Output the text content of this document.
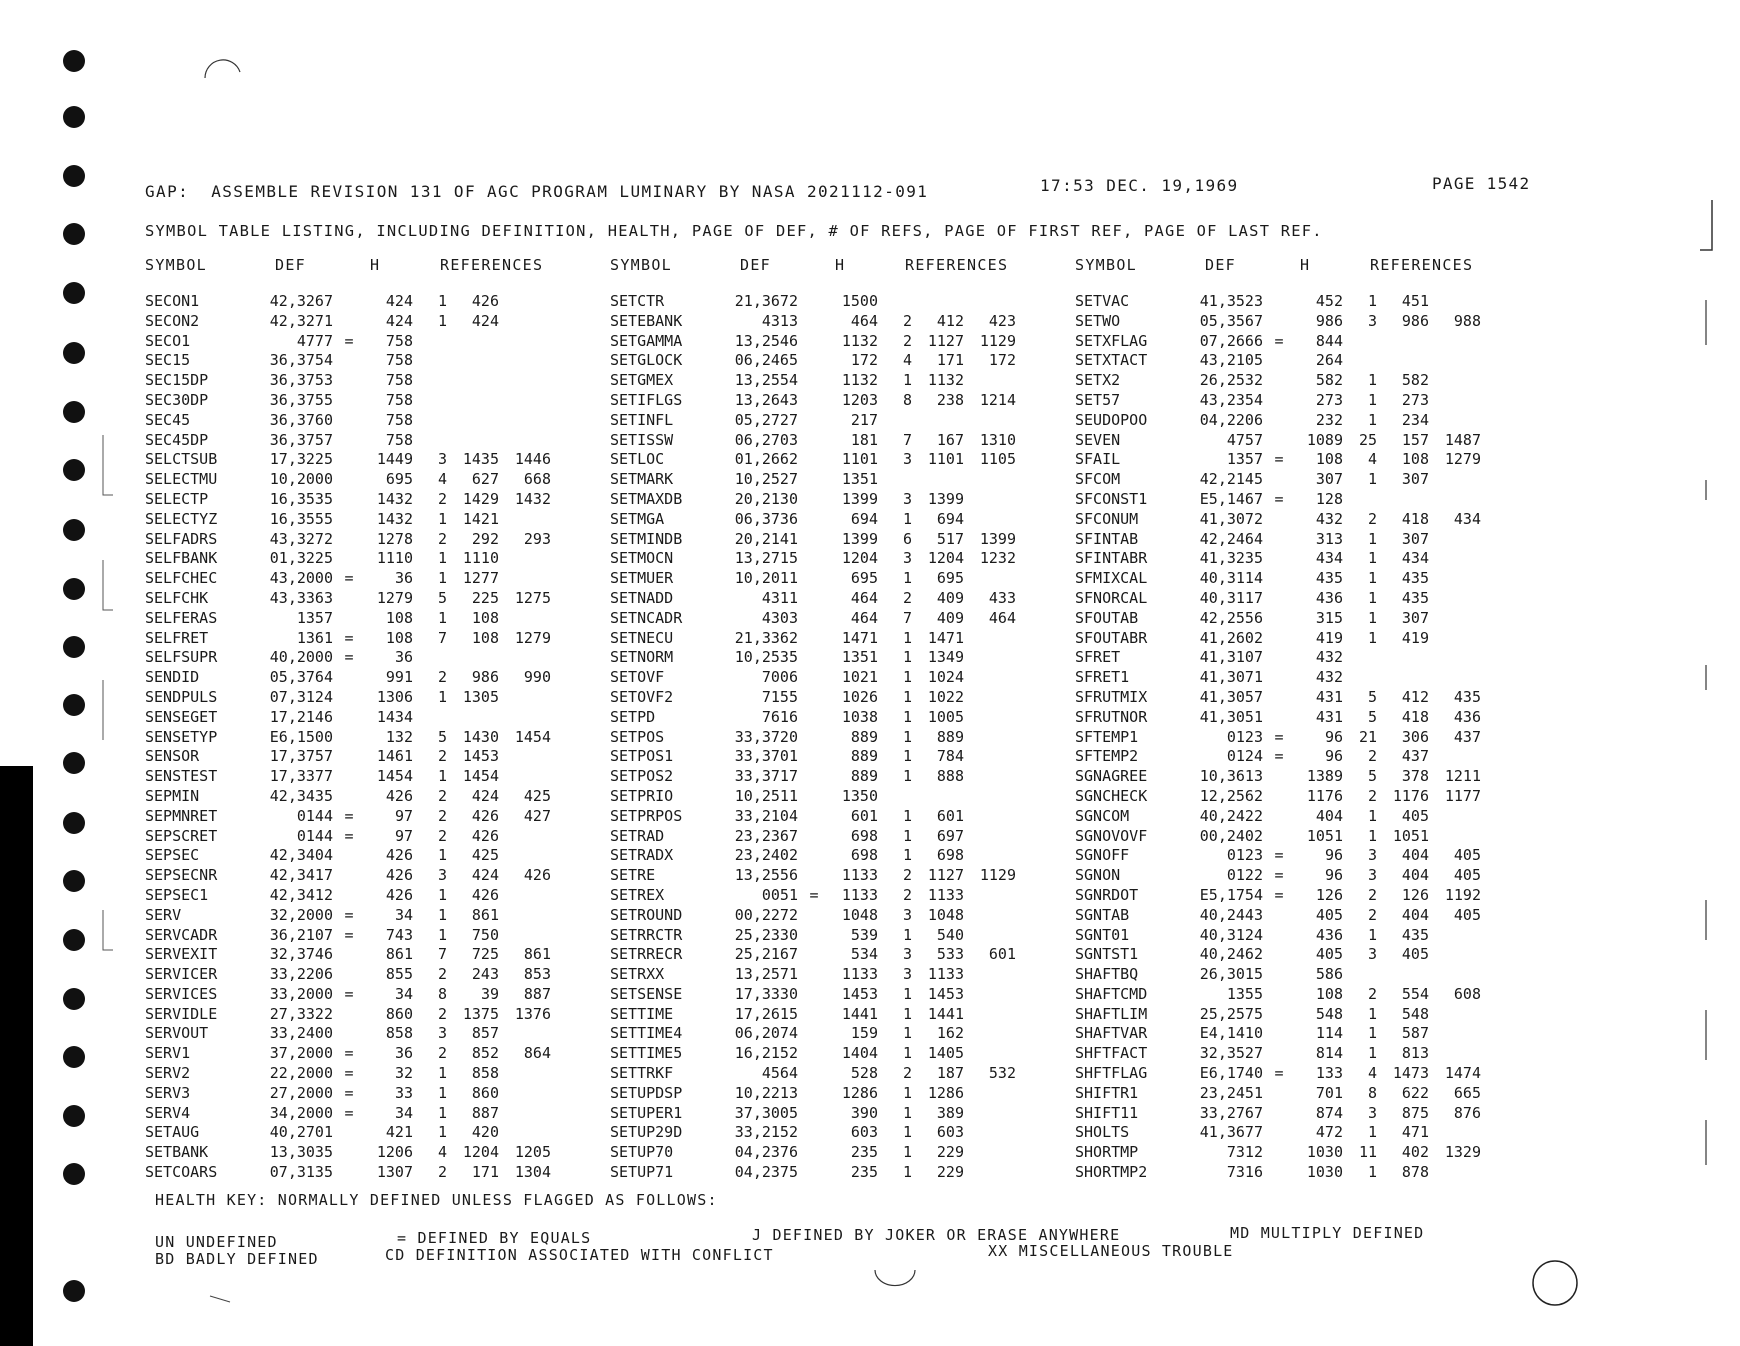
GAP:  ASSEMBLE REVISION 131 OF AGC PROGRAM LUMINARY BY NASA 2021112-091	17:53 DEC. 19,1969	PAGE 1542
SYMBOL TABLE LISTING, INCLUDING DEFINITION, HEALTH, PAGE OF DEF, # OF REFS, PAGE OF FIRST REF, PAGE OF LAST REF.
SYMBOL	DEF	H	REFERENCES
SECON1	42,3267	424	1	426
SECON2	42,3271	424	1	424
SECO1	4777 =	758
SEC15	36,3754	758
SEC15DP	36,3753	758
SEC30DP	36,3755	758
SEC45	36,3760	758
SEC45DP	36,3757	758
SELCTSUB	17,3225	1449	3	1435	1446
SELECTMU	10,2000	695	4	627	668
SELECTP	16,3535	1432	2	1429	1432
SELECTYZ	16,3555	1432	1	1421
SELFADRS	43,3272	1278	2	292	293
SELFBANK	01,3225	1110	1	1110
SELFCHEC	43,2000 =	36	1	1277
SELFCHK	43,3363	1279	5	225	1275
SELFERAS	1357	108	1	108
SELFRET	1361 =	108	7	108	1279
SELFSUPR	40,2000 =	36
SENDID	05,3764	991	2	986	990
SENDPULS	07,3124	1306	1	1305
SENSEGET	17,2146	1434
SENSETYP	E6,1500	132	5	1430	1454
SENSOR	17,3757	1461	2	1453
SENSTEST	17,3377	1454	1	1454
SEPMIN	42,3435	426	2	424	425
SEPMNRET	0144 =	97	2	426	427
SEPSCRET	0144 =	97	2	426
SEPSEC	42,3404	426	1	425
SEPSECNR	42,3417	426	3	424	426
SEPSEC1	42,3412	426	1	426
SERV	32,2000 =	34	1	861
SERVCADR	36,2107 =	743	1	750
SERVEXIT	32,3746	861	7	725	861
SERVICER	33,2206	855	2	243	853
SERVICES	33,2000 =	34	8	39	887
SERVIDLE	27,3322	860	2	1375	1376
SERVOUT	33,2400	858	3	857
SERV1	37,2000 =	36	2	852	864
SERV2	22,2000 =	32	1	858
SERV3	27,2000 =	33	1	860
SERV4	34,2000 =	34	1	887
SETAUG	40,2701	421	1	420
SETBANK	13,3035	1206	4	1204	1205
SETCOARS	07,3135	1307	2	171	1304
SYMBOL	DEF	H	REFERENCES
SETCTR	21,3672	1500
SETEBANK	4313	464	2	412	423
SETGAMMA	13,2546	1132	2	1127	1129
SETGLOCK	06,2465	172	4	171	172
SETGMEX	13,2554	1132	1	1132
SETIFLGS	13,2643	1203	8	238	1214
SETINFL	05,2727	217
SETISSW	06,2703	181	7	167	1310
SETLOC	01,2662	1101	3	1101	1105
SETMARK	10,2527	1351
SETMAXDB	20,2130	1399	3	1399
SETMGA	06,3736	694	1	694
SETMINDB	20,2141	1399	6	517	1399
SETMOCN	13,2715	1204	3	1204	1232
SETMUER	10,2011	695	1	695
SETNADD	4311	464	2	409	433
SETNCADR	4303	464	7	409	464
SETNECU	21,3362	1471	1	1471
SETNORM	10,2535	1351	1	1349
SETOVF	7006	1021	1	1024
SETOVF2	7155	1026	1	1022
SETPD	7616	1038	1	1005
SETPOS	33,3720	889	1	889
SETPOS1	33,3701	889	1	784
SETPOS2	33,3717	889	1	888
SETPRIO	10,2511	1350
SETPRPOS	33,2104	601	1	601
SETRAD	23,2367	698	1	697
SETRADX	23,2402	698	1	698
SETRE	13,2556	1133	2	1127	1129
SETREX	0051 =	1133	2	1133
SETROUND	00,2272	1048	3	1048
SETRRCTR	25,2330	539	1	540
SETRRECR	25,2167	534	3	533	601
SETRXX	13,2571	1133	3	1133
SETSENSE	17,3330	1453	1	1453
SETTIME	17,2615	1441	1	1441
SETTIME4	06,2074	159	1	162
SETTIME5	16,2152	1404	1	1405
SETTRKF	4564	528	2	187	532
SETUPDSP	10,2213	1286	1	1286
SETUPER1	37,3005	390	1	389
SETUP29D	33,2152	603	1	603
SETUP70	04,2376	235	1	229
SETUP71	04,2375	235	1	229
SYMBOL	DEF	H	REFERENCES
SETVAC	41,3523	452	1	451
SETWO	05,3567	986	3	986	988
SETXFLAG	07,2666 =	844
SETXTACT	43,2105	264
SETX2	26,2532	582	1	582
SET57	43,2354	273	1	273
SEUDOPOO	04,2206	232	1	234
SEVEN	4757	1089	25	157	1487
SFAIL	1357 =	108	4	108	1279
SFCOM	42,2145	307	1	307
SFCONST1	E5,1467 =	128
SFCONUM	41,3072	432	2	418	434
SFINTAB	42,2464	313	1	307
SFINTABR	41,3235	434	1	434
SFMIXCAL	40,3114	435	1	435
SFNORCAL	40,3117	436	1	435
SFOUTAB	42,2556	315	1	307
SFOUTABR	41,2602	419	1	419
SFRET	41,3107	432
SFRET1	41,3071	432
SFRUTMIX	41,3057	431	5	412	435
SFRUTNOR	41,3051	431	5	418	436
SFTEMP1	0123 =	96	21	306	437
SFTEMP2	0124 =	96	2	437
SGNAGREE	10,3613	1389	5	378	1211
SGNCHECK	12,2562	1176	2	1176	1177
SGNCOM	40,2422	404	1	405
SGNOVOVF	00,2402	1051	1	1051
SGNOFF	0123 =	96	3	404	405
SGNON	0122 =	96	3	404	405
SGNRDOT	E5,1754 =	126	2	126	1192
SGNTAB	40,2443	405	2	404	405
SGNT01	40,3124	436	1	435
SGNTST1	40,2462	405	3	405
SHAFTBQ	26,3015	586
SHAFTCMD	1355	108	2	554	608
SHAFTLIM	25,2575	548	1	548
SHAFTVAR	E4,1410	114	1	587
SHFTFACT	32,3527	814	1	813
SHFTFLAG	E6,1740 =	133	4	1473	1474
SHIFTR1	23,2451	701	8	622	665
SHIFT11	33,2767	874	3	875	876
SHOLTS	41,3677	472	1	471
SHORTMP	7312	1030	11	402	1329
SHORTMP2	7316	1030	1	878
HEALTH KEY: NORMALLY DEFINED UNLESS FLAGGED AS FOLLOWS:
UN UNDEFINED	= DEFINED BY EQUALS	J DEFINED BY JOKER OR ERASE ANYWHERE	MD MULTIPLY DEFINED
BD BADLY DEFINED	CD DEFINITION ASSOCIATED WITH CONFLICT	XX MISCELLANEOUS TROUBLE
